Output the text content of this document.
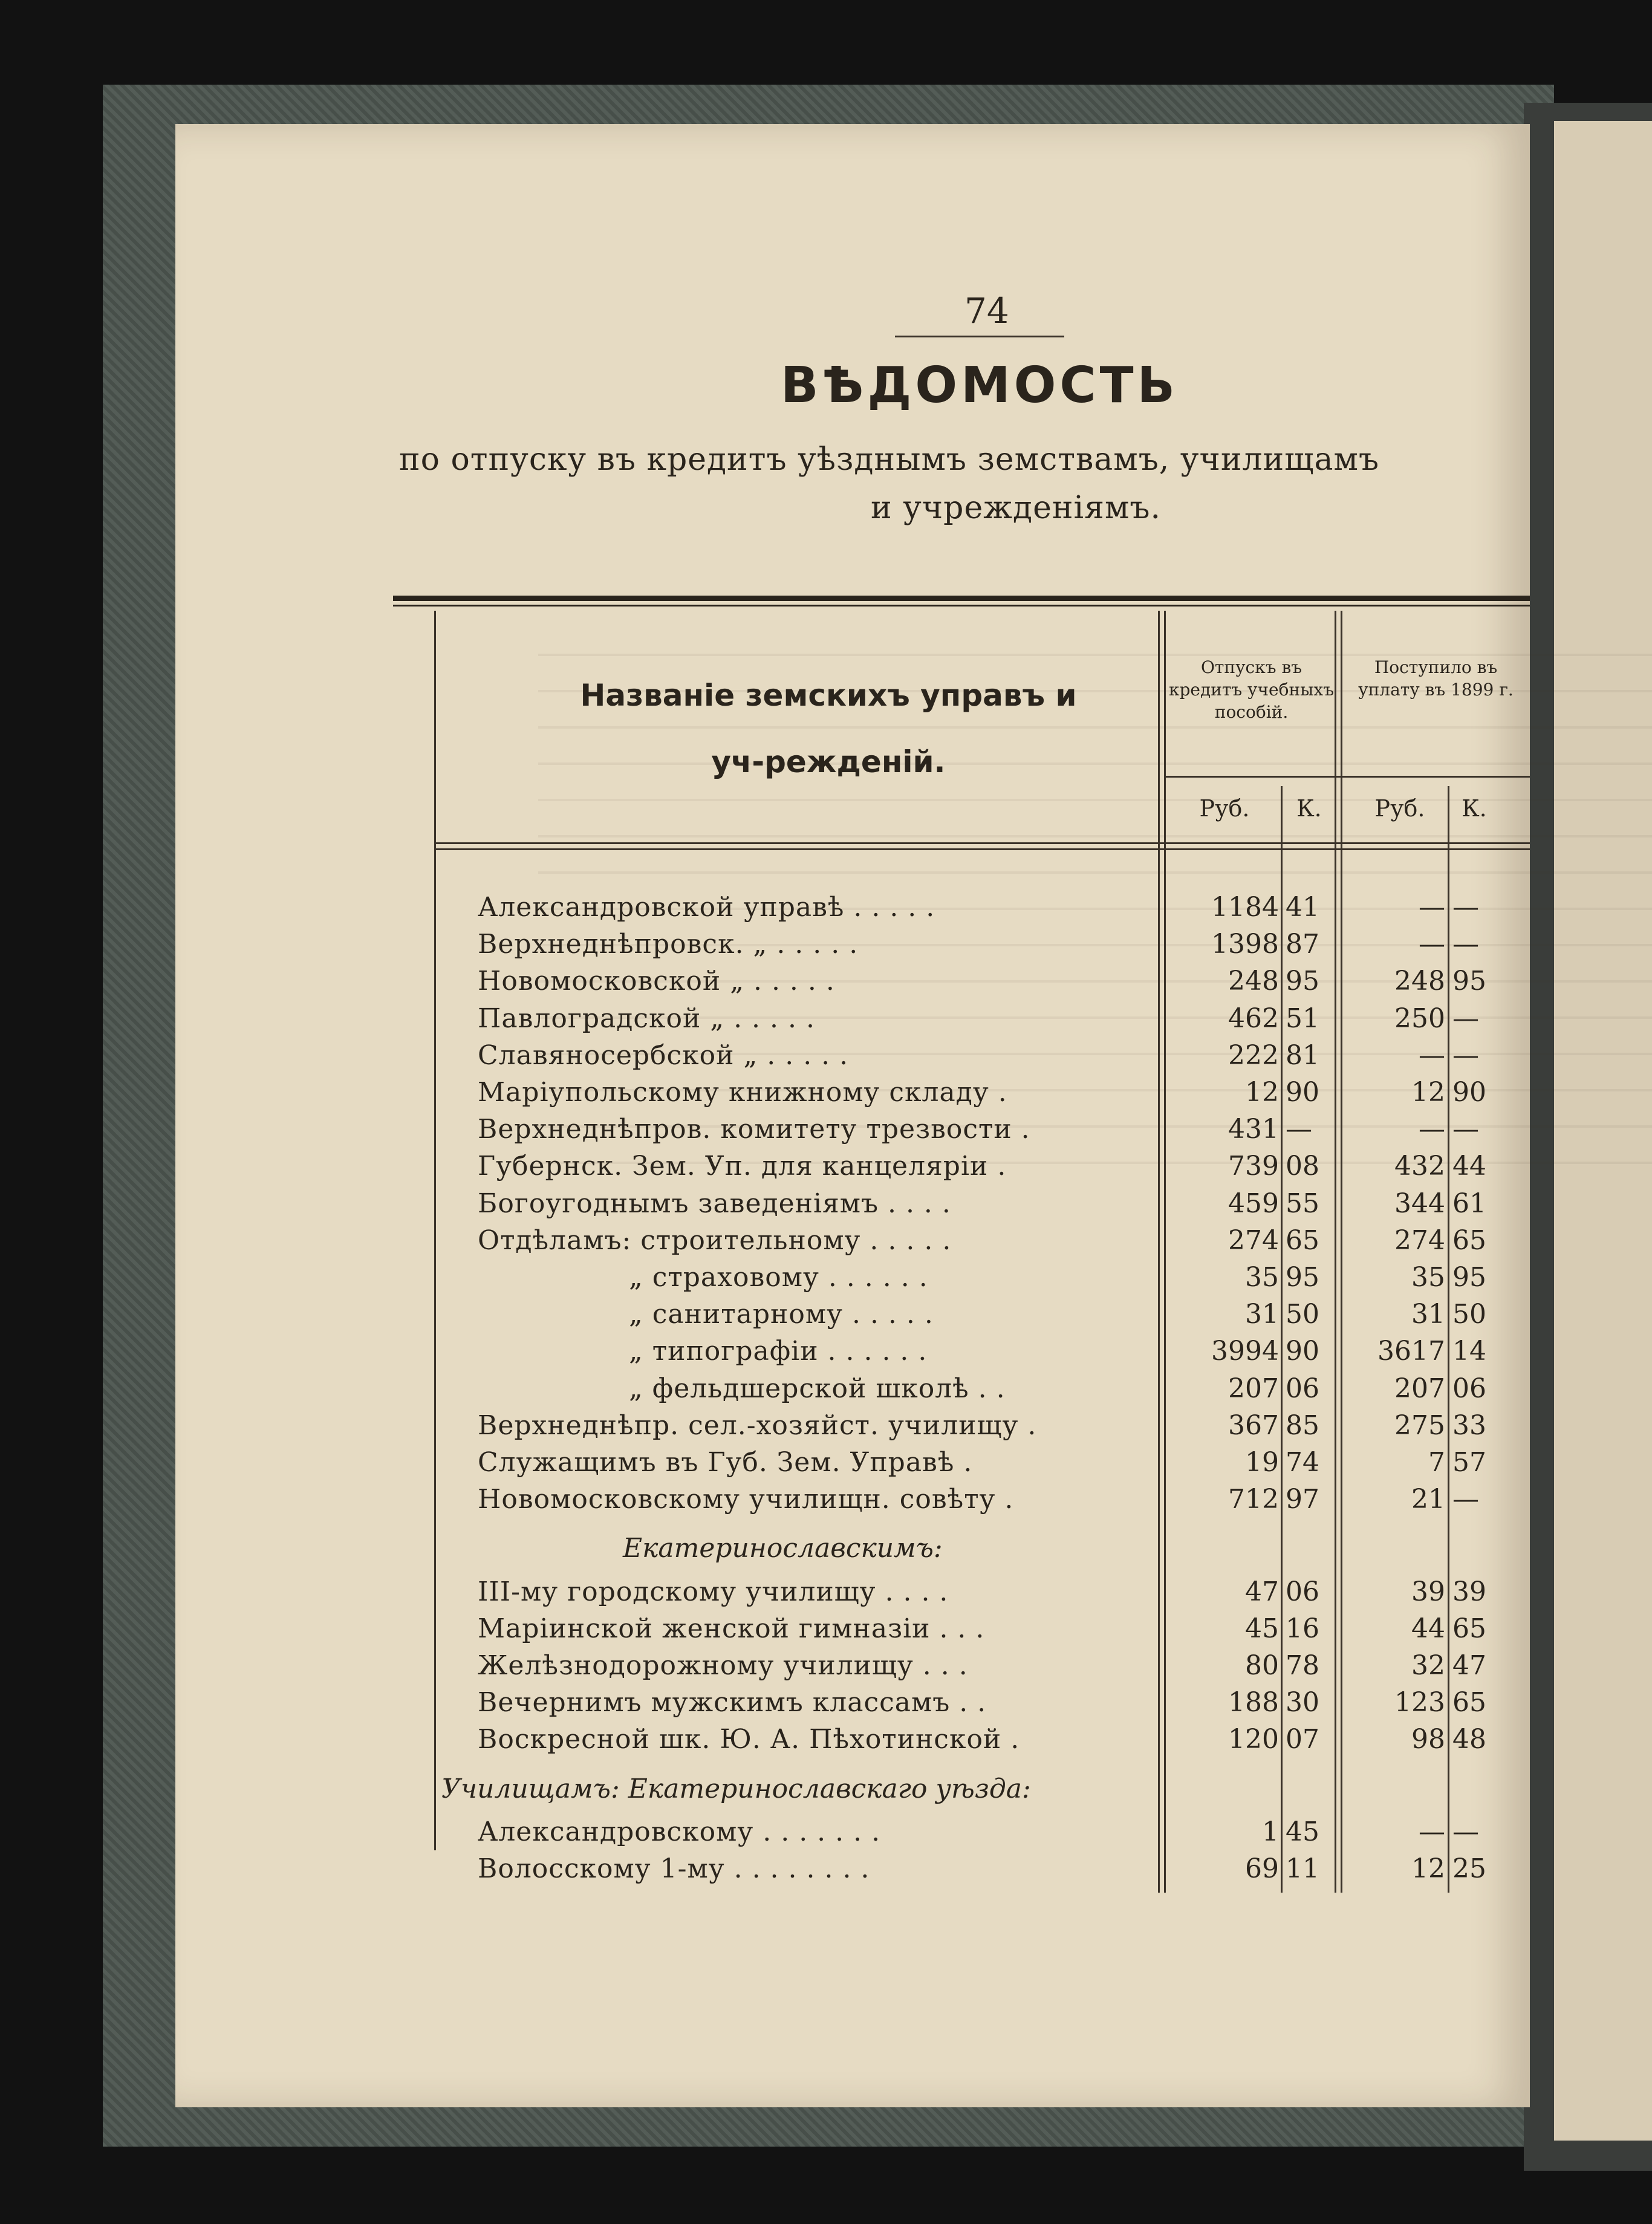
74
ВѢДОМОСТЬ
по отпуску въ кредитъ уѣзднымъ земствамъ, училищамъ
и учрежденіямъ.
Названіе земскихъ управъ и уч-реждeній.
Отпускъ въ кредитъ учебныхъ пособій.
Поступило въ уплату въ 1899 г.
Руб.	К.	Руб.	К.
Александровской управѣ . . . . .	1184 41	— —
Верхнеднѣпровск. „ . . . . .	1398 87	— —
Новомосковской „ . . . . .	248 95	248 95
Павлоградской „ . . . . .	462 51	250 —
Славяносербской „ . . . . .	222 81	— —
Маріупольскому книжному складу .	12 90	12 90
Верхнеднѣпров. комитету трезвости .	431 —	— —
Губернск. Зем. Уп. для канцеляріи .	739 08	432 44
Богоугоднымъ заведеніямъ . . . .	459 55	344 61
Отдѣламъ: строительному . . . . .	274 65	274 65
„ страховому . . . . . .	35 95	35 95
„ санитарному . . . . .	31 50	31 50
„ типографіи . . . . . .	3994 90	3617 14
„ фельдшерской школѣ . .	207 06	207 06
Верхнеднѣпр. сел.-хозяйст. училищу .	367 85	275 33
Служащимъ въ Губ. Зем. Управѣ .	19 74	7 57
Новомосковскому училищн. совѣту .	712 97	21 —
Екатеринославскимъ:
III-му городскому училищу . . . .	47 06	39 39
Маріинской женской гимназіи . . .	45 16	44 65
Желѣзнодорожному училищу . . .	80 78	32 47
Вечернимъ мужскимъ классамъ . .	188 30	123 65
Воскресной шк. Ю. А. Пѣхотинской .	120 07	98 48
Училищамъ: Екатеринославскаго уѣзда:
Александровскому . . . . . . .	1 45	— —
Волосскому 1-му . . . . . . . .	69 11	12 25
